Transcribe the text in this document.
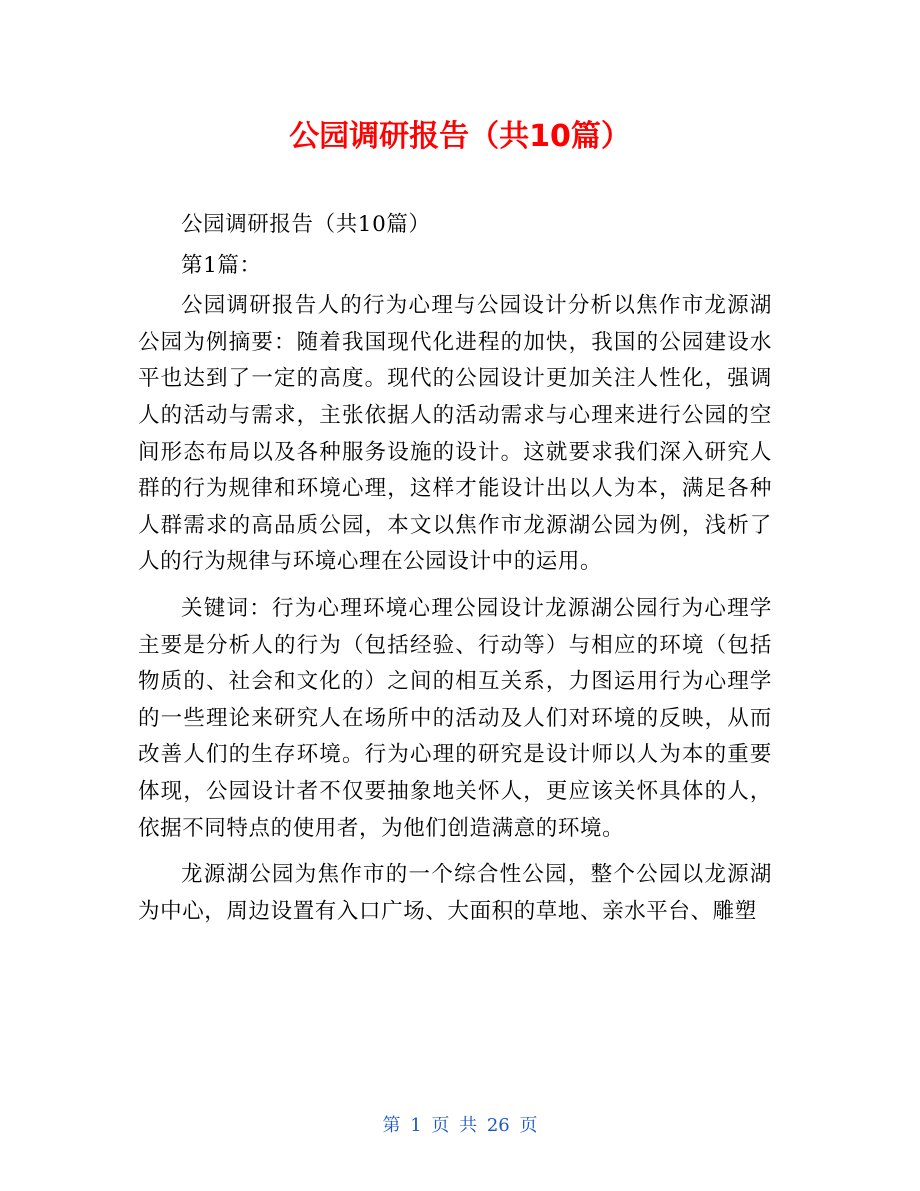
公园调研报告（共10篇）

公园调研报告（共10篇）

第1篇：

公园调研报告人的行为心理与公园设计分析以焦作市龙源湖公园为例摘要：随着我国现代化进程的加快，我国的公园建设水平也达到了一定的高度。现代的公园设计更加关注人性化，强调人的活动与需求，主张依据人的活动需求与心理来进行公园的空间形态布局以及各种服务设施的设计。这就要求我们深入研究人群的行为规律和环境心理，这样才能设计出以人为本，满足各种人群需求的高品质公园，本文以焦作市龙源湖公园为例，浅析了人的行为规律与环境心理在公园设计中的运用。

关键词：行为心理环境心理公园设计龙源湖公园行为心理学主要是分析人的行为（包括经验、行动等）与相应的环境（包括物质的、社会和文化的）之间的相互关系，力图运用行为心理学的一些理论来研究人在场所中的活动及人们对环境的反映，从而改善人们的生存环境。行为心理的研究是设计师以人为本的重要体现，公园设计者不仅要抽象地关怀人，更应该关怀具体的人，依据不同特点的使用者，为他们创造满意的环境。

龙源湖公园为焦作市的一个综合性公园，整个公园以龙源湖为中心，周边设置有入口广场、大面积的草地、亲水平台、雕塑

第 1 页 共 26 页
